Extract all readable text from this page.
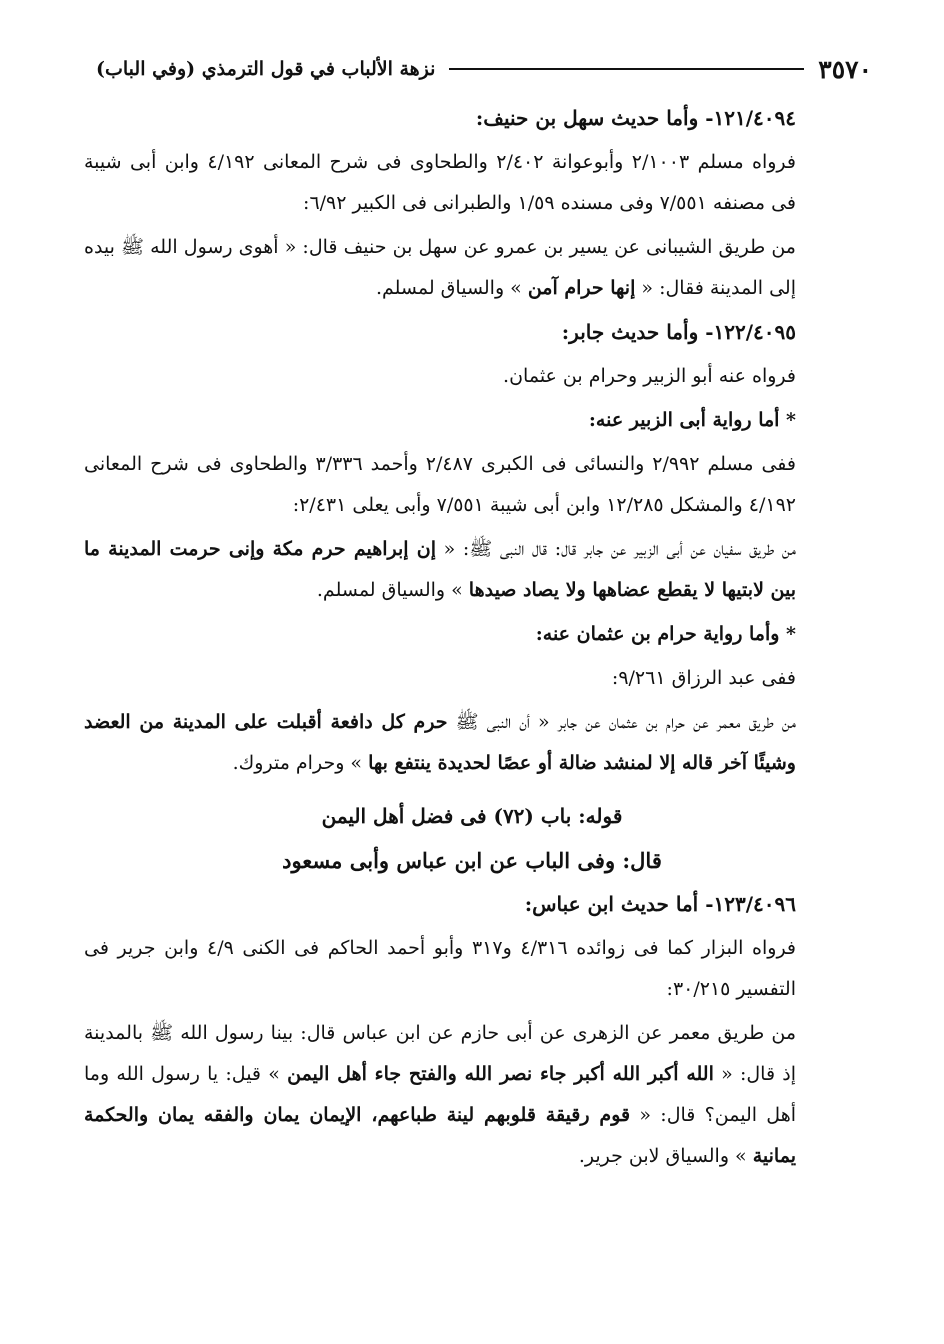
٣٥٧٠
نزهة الألباب في قول الترمذي (وفي الباب)

١٢١/٤٠٩٤- وأما حديث سهل بن حنيف:

فرواه مسلم ٢/١٠٠٣ وأبوعوانة ٢/٤٠٢ والطحاوى فى شرح المعانى ٤/١٩٢ وابن أبى شيبة فى مصنفه ٧/٥٥١ وفى مسنده ١/٥٩ والطبرانى فى الكبير ٦/٩٢:

من طريق الشيبانى عن يسير بن عمرو عن سهل بن حنيف قال: « أهوى رسول الله ﷺ بيده إلى المدينة فقال: « إنها حرام آمن » والسياق لمسلم.

١٢٢/٤٠٩٥- وأما حديث جابر:

فرواه عنه أبو الزبير وحرام بن عثمان.

* أما رواية أبى الزبير عنه:

ففى مسلم ٢/٩٩٢ والنسائى فى الكبرى ٢/٤٨٧ وأحمد ٣/٣٣٦ والطحاوى فى شرح المعانى ٤/١٩٢ والمشكل ١٢/٢٨٥ وابن أبى شيبة ٧/٥٥١ وأبى يعلى ٢/٤٣١:

من طريق سفيان عن أبى الزبير عن جابر قال: قال النبى ﷺ: « إن إبراهيم حرم مكة وإنى حرمت المدينة ما بين لابتيها لا يقطع عضاهها ولا يصاد صيدها » والسياق لمسلم.

* وأما رواية حرام بن عثمان عنه:

ففى عبد الرزاق ٩/٢٦١:

من طريق معمر عن حرام بن عثمان عن جابر « أن النبى ﷺ حرم كل دافعة أقبلت على المدينة من العضد وشيئًا آخر قاله إلا لمنشد ضالة أو عصًا لحديدة ينتفع بها » وحرام متروك.

قوله: باب (٧٢) فى فضل أهل اليمن

قال: وفى الباب عن ابن عباس وأبى مسعود

١٢٣/٤٠٩٦- أما حديث ابن عباس:

فرواه البزار كما فى زوائده ٤/٣١٦ و٣١٧ وأبو أحمد الحاكم فى الكنى ٤/٩ وابن جرير فى التفسير ٣٠/٢١٥:

من طريق معمر عن الزهرى عن أبى حازم عن ابن عباس قال: بينا رسول الله ﷺ بالمدينة إذ قال: « الله أكبر الله أكبر جاء نصر الله والفتح جاء أهل اليمن » قيل: يا رسول الله وما أهل اليمن؟ قال: « قوم رقيقة قلوبهم لينة طباعهم، الإيمان يمان والفقه يمان والحكمة يمانية » والسياق لابن جرير.
